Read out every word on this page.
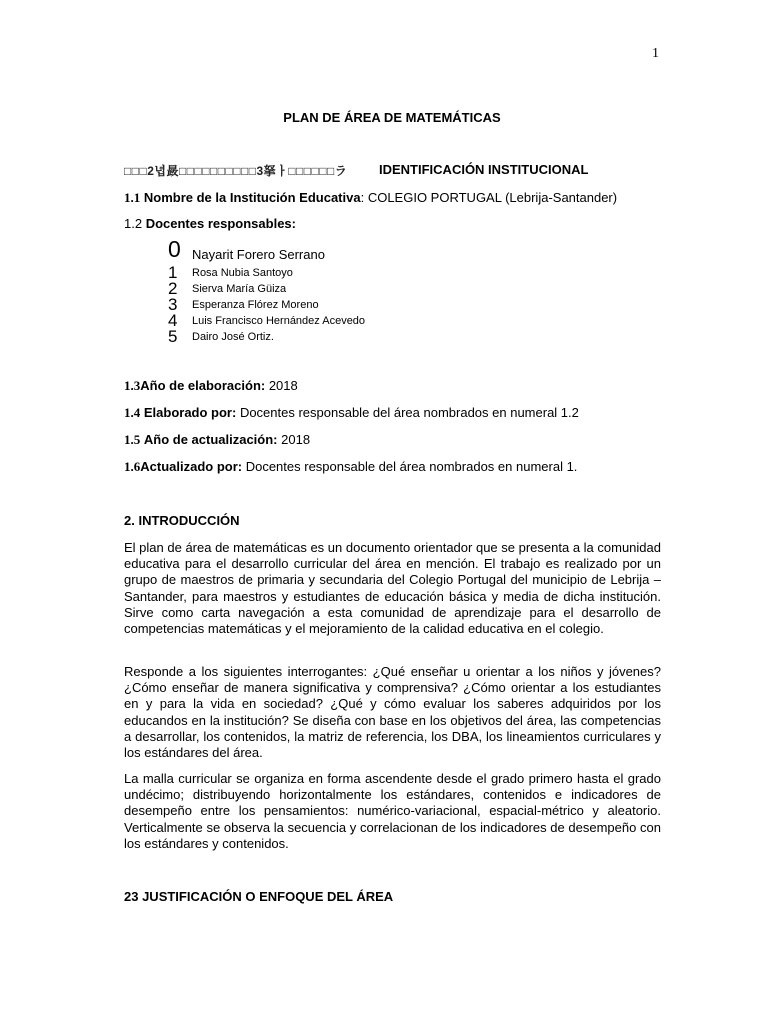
1
PLAN DE ÁREA DE MATEMÁTICAS
□□□2녑晸□□□□□□□□□□3拏ㅏ□□□□□□ラ IDENTIFICACIÓN INSTITUCIONAL
1.1 Nombre de la Institución Educativa: COLEGIO PORTUGAL (Lebrija-Santander)
1.2 Docentes responsables:
0 Nayarit Forero Serrano
1 Rosa Nubia Santoyo
2 Sierva María Güiza
3 Esperanza Flórez Moreno
4 Luis Francisco Hernández Acevedo
5 Dairo José Ortiz.
1.3Año de elaboración: 2018
1.4 Elaborado por: Docentes responsable del área nombrados en numeral 1.2
1.5 Año de actualización: 2018
1.6Actualizado por: Docentes responsable del área nombrados en numeral 1.
2. INTRODUCCIÓN

El plan de área de matemáticas es un documento orientador que se presenta a la comunidad educativa para el desarrollo curricular del área en mención. El trabajo es realizado por un grupo de maestros de primaria y secundaria del Colegio Portugal del municipio de Lebrija – Santander, para maestros y estudiantes de educación básica y media de dicha institución. Sirve como carta navegación a esta comunidad de aprendizaje para el desarrollo de competencias matemáticas y el mejoramiento de la calidad educativa en el colegio.

Responde a los siguientes interrogantes: ¿Qué enseñar u orientar a los niños y jóvenes? ¿Cómo enseñar de manera significativa y comprensiva? ¿Cómo orientar a los estudiantes en y para la vida en sociedad? ¿Qué y cómo evaluar los saberes adquiridos por los educandos en la institución? Se diseña con base en los objetivos del área, las competencias a desarrollar, los contenidos, la matriz de referencia, los DBA, los lineamientos curriculares y los estándares del área.

La malla curricular se organiza en forma ascendente desde el grado primero hasta el grado undécimo; distribuyendo horizontalmente los estándares, contenidos e indicadores de desempeño entre los pensamientos: numérico-variacional, espacial-métrico y aleatorio. Verticalmente se observa la secuencia y correlacionan de los indicadores de desempeño con los estándares y contenidos.

23 JUSTIFICACIÓN O ENFOQUE DEL ÁREA
